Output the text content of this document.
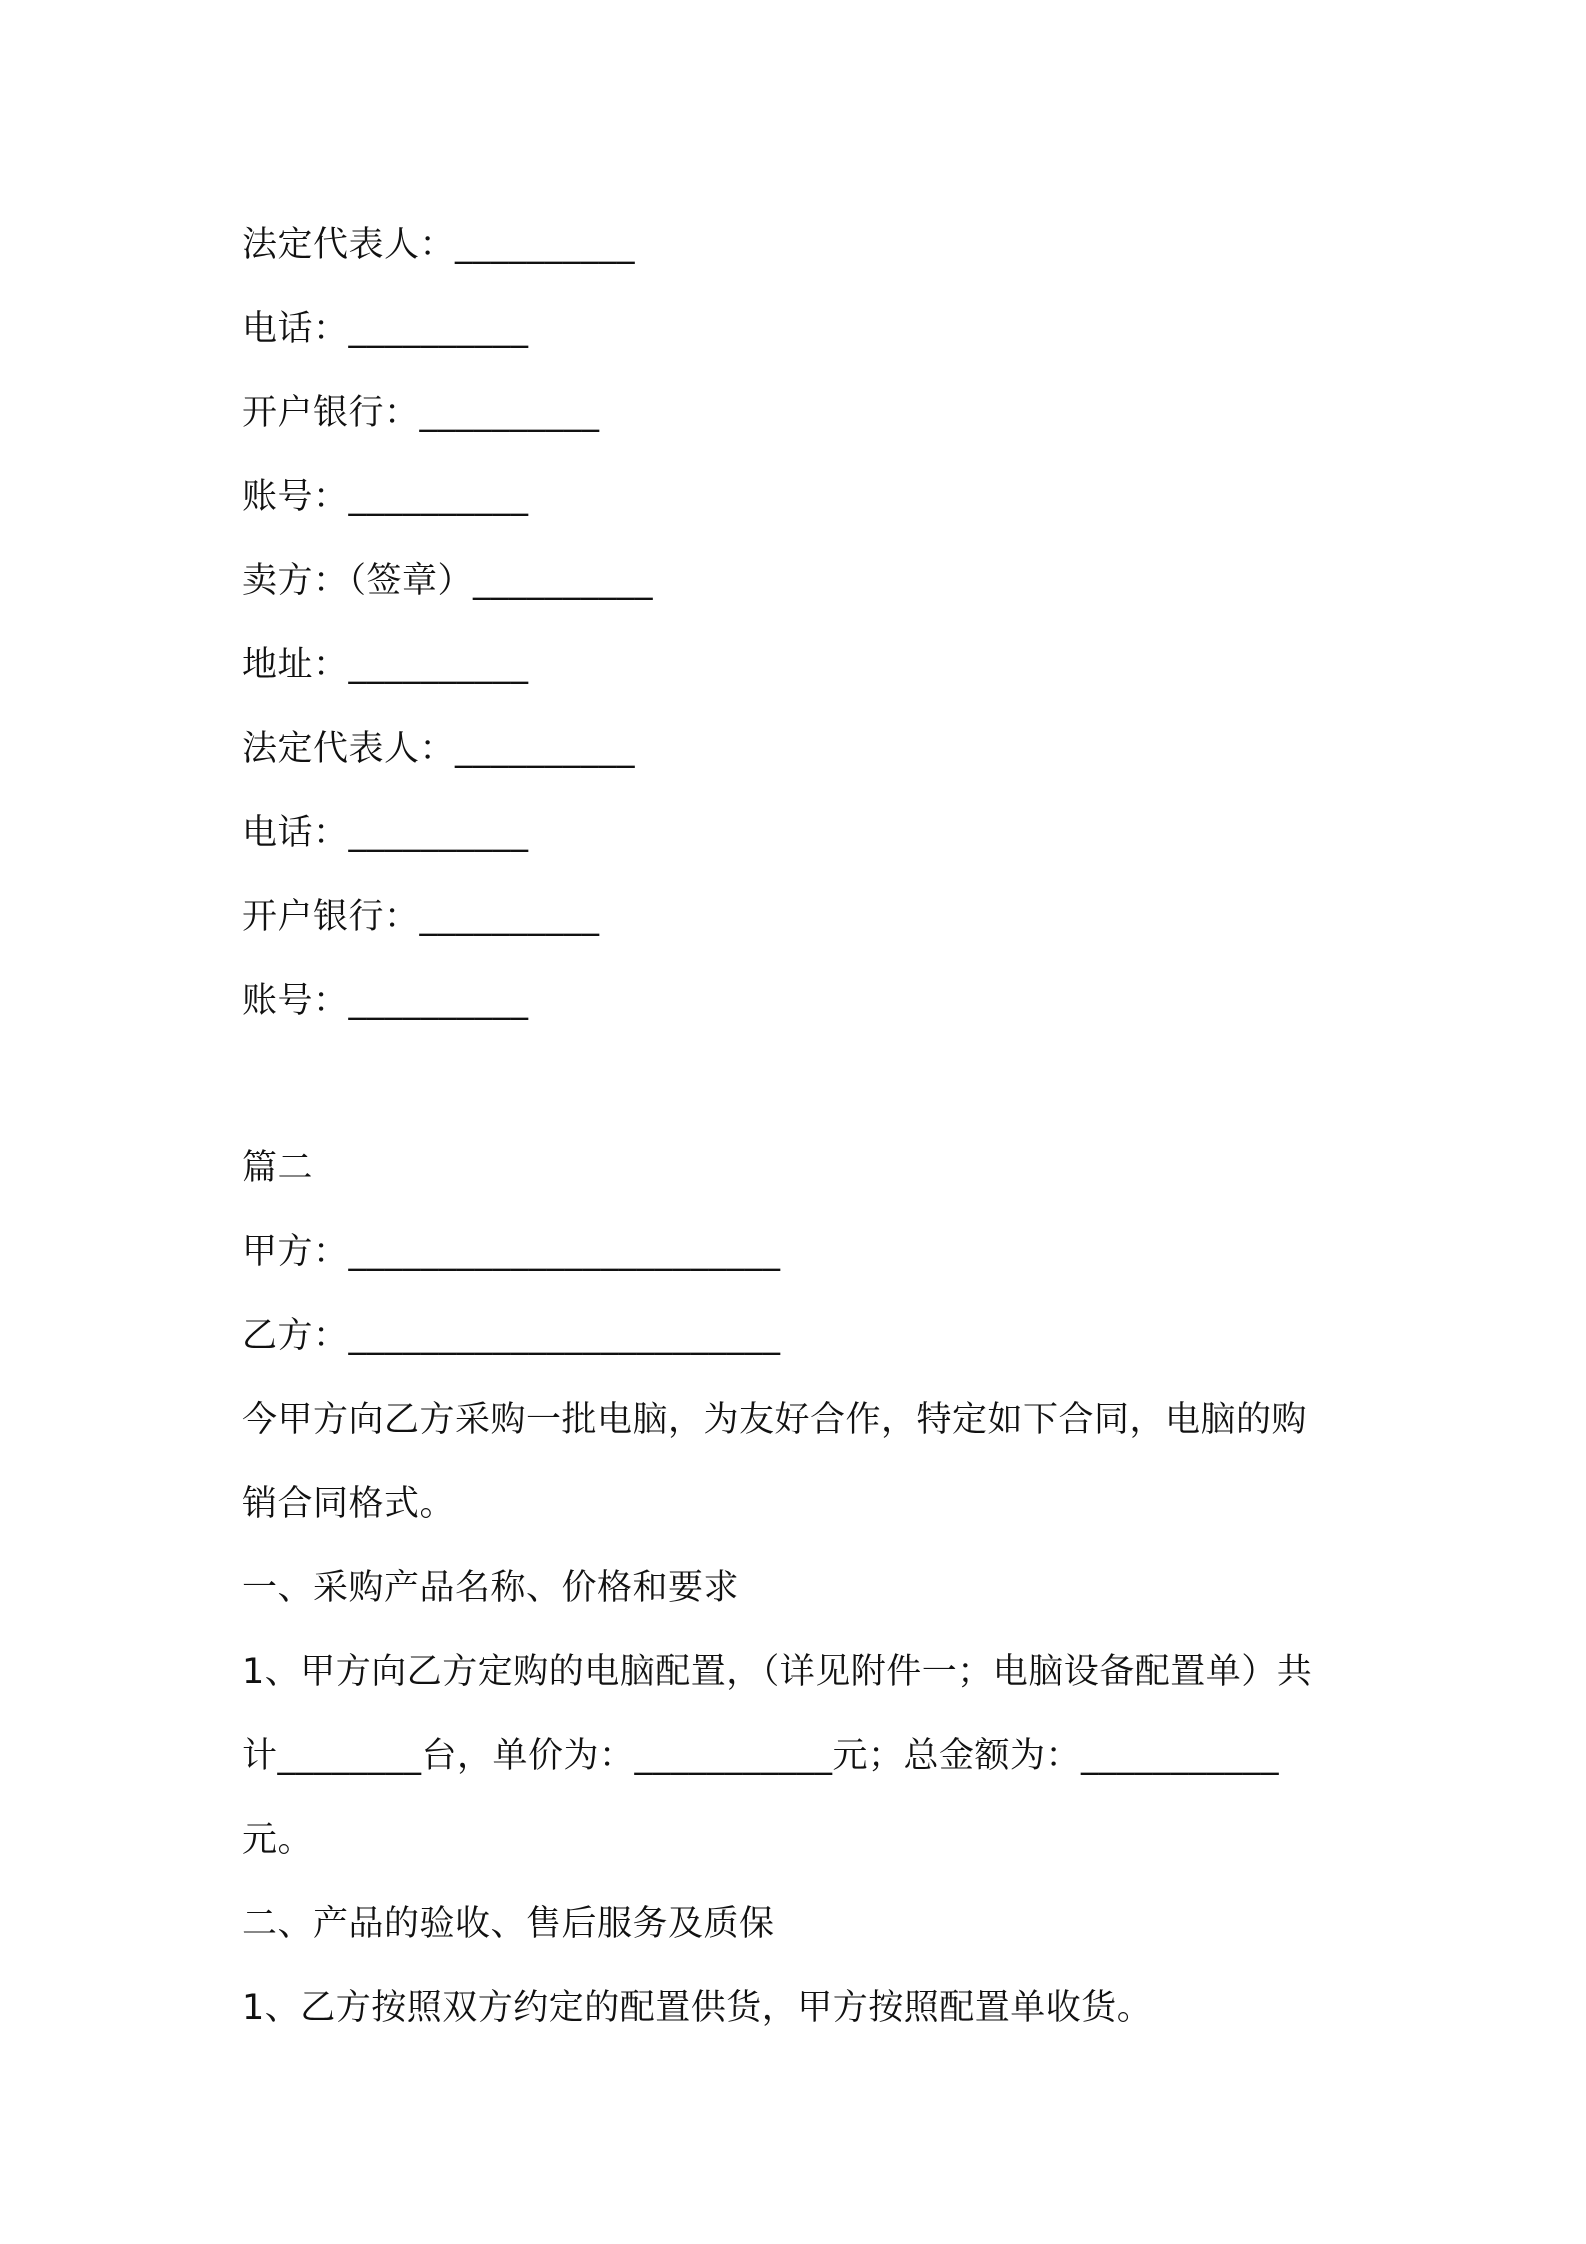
法定代表人：__________
电话：__________
开户银行：__________
账号：__________
卖方：（签章）__________
地址：__________
法定代表人：__________
电话：__________
开户银行：__________
账号：__________
篇二
甲方：________________________
乙方：________________________
今甲方向乙方采购一批电脑，为友好合作，特定如下合同，电脑的购
销合同格式。
一、采购产品名称、价格和要求
1、甲方向乙方定购的电脑配置，（详见附件一；电脑设备配置单）共
计________台，单价为：___________元；总金额为：___________
元。
二、产品的验收、售后服务及质保
1、乙方按照双方约定的配置供货，甲方按照配置单收货。
